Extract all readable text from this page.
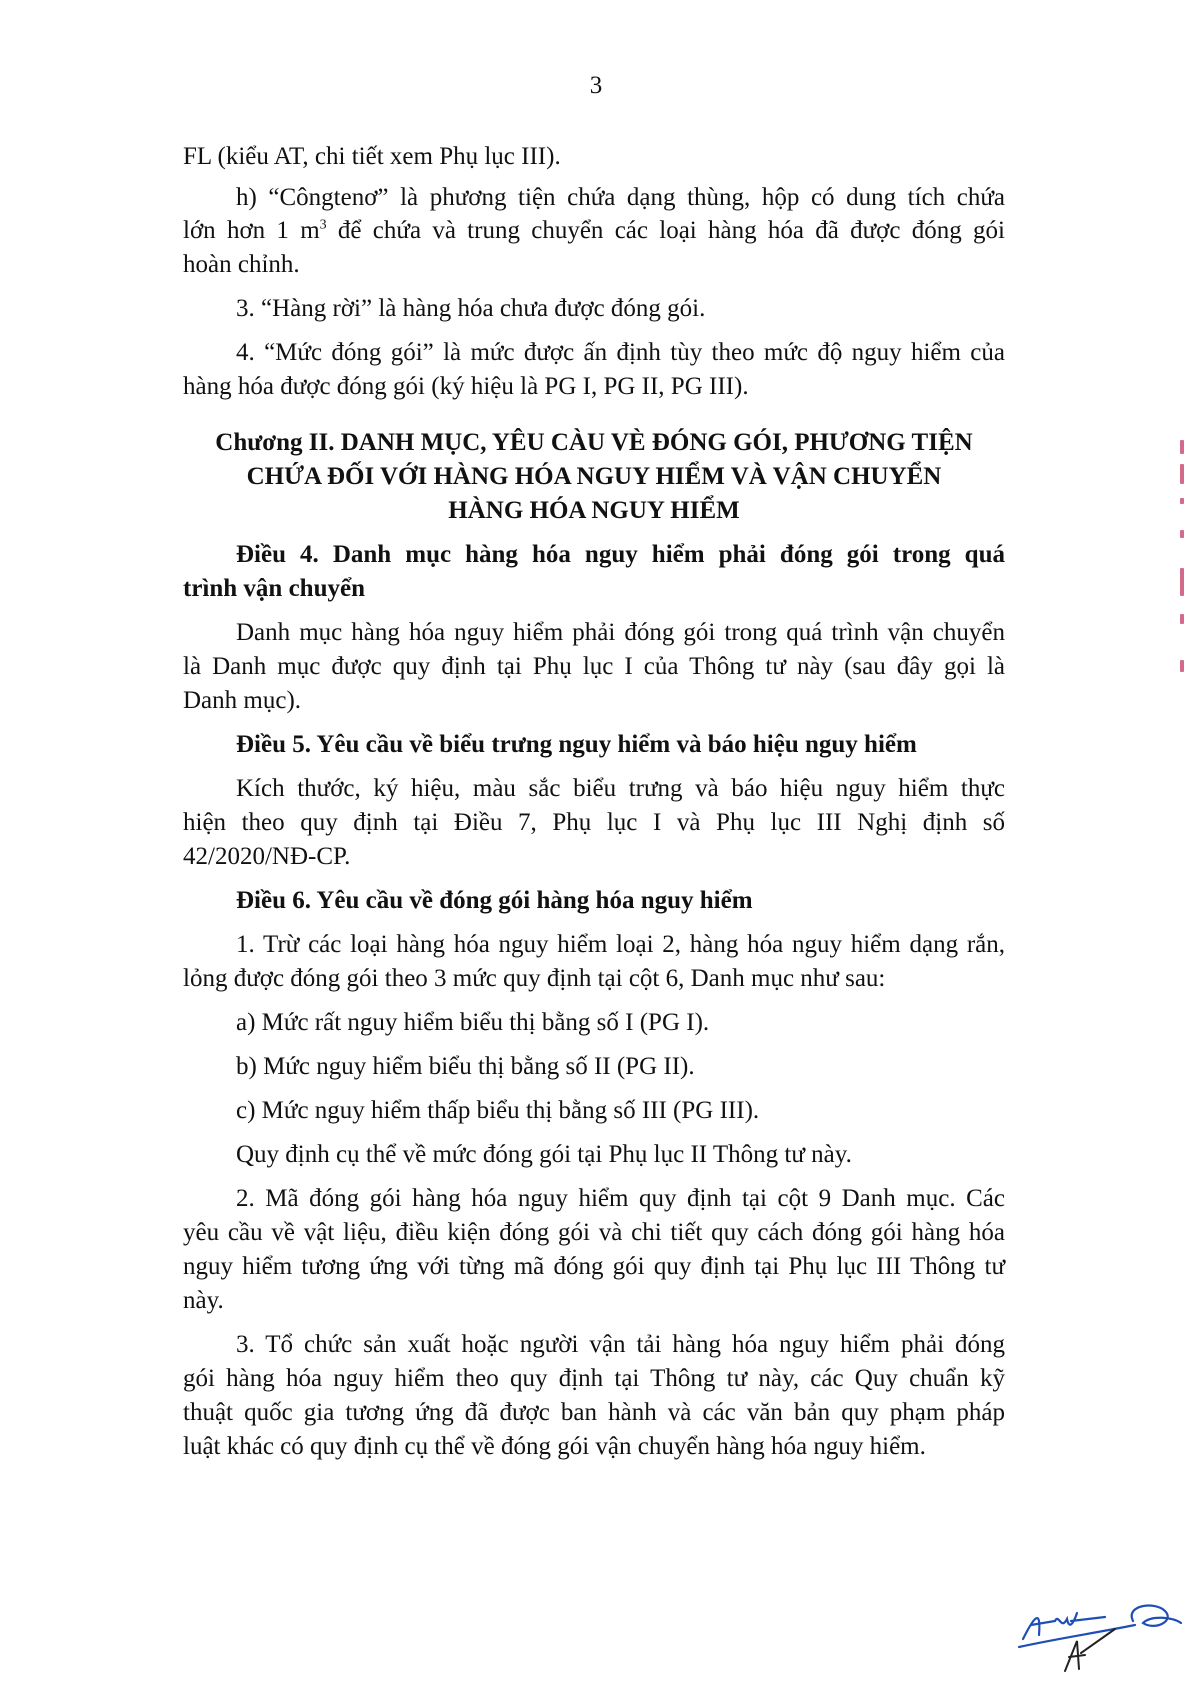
3
FL (kiểu AT, chi tiết xem Phụ lục III).
h) “Côngtenơ” là phương tiện chứa dạng thùng, hộp có dung tích chứa
lớn hơn 1 $m^3$ để chứa và trung chuyển các loại hàng hóa đã được đóng gói
hoàn chỉnh.
3. “Hàng rời” là hàng hóa chưa được đóng gói.
4. “Mức đóng gói” là mức được ấn định tùy theo mức độ nguy hiểm của
hàng hóa được đóng gói (ký hiệu là PG I, PG II, PG III).
Chương II. DANH MỤC, YÊU CÀU VÈ ĐÓNG GÓI, PHƯƠNG TIỆN
CHỨA ĐỐI VỚI HÀNG HÓA NGUY HIỂM VÀ VẬN CHUYỂN
HÀNG HÓA NGUY HIỂM
Điều 4. Danh mục hàng hóa nguy hiểm phải đóng gói trong quá
trình vận chuyển
Danh mục hàng hóa nguy hiểm phải đóng gói trong quá trình vận chuyển
là Danh mục được quy định tại Phụ lục I của Thông tư này (sau đây gọi là
Danh mục).
Điều 5. Yêu cầu về biểu trưng nguy hiểm và báo hiệu nguy hiểm
Kích thước, ký hiệu, màu sắc biểu trưng và báo hiệu nguy hiểm thực
hiện theo quy định tại Điều 7, Phụ lục I và Phụ lục III Nghị định số
42/2020/NĐ-CP.
Điều 6. Yêu cầu về đóng gói hàng hóa nguy hiểm
1. Trừ các loại hàng hóa nguy hiểm loại 2, hàng hóa nguy hiểm dạng rắn,
lỏng được đóng gói theo 3 mức quy định tại cột 6, Danh mục như sau:
a) Mức rất nguy hiểm biểu thị bằng số I (PG I).
b) Mức nguy hiểm biểu thị bằng số II (PG II).
c) Mức nguy hiểm thấp biểu thị bằng số III (PG III).
Quy định cụ thể về mức đóng gói tại Phụ lục II Thông tư này.
2. Mã đóng gói hàng hóa nguy hiểm quy định tại cột 9 Danh mục. Các
yêu cầu về vật liệu, điều kiện đóng gói và chi tiết quy cách đóng gói hàng hóa
nguy hiểm tương ứng với từng mã đóng gói quy định tại Phụ lục III Thông tư
này.
3. Tổ chức sản xuất hoặc người vận tải hàng hóa nguy hiểm phải đóng
gói hàng hóa nguy hiểm theo quy định tại Thông tư này, các Quy chuẩn kỹ
thuật quốc gia tương ứng đã được ban hành và các văn bản quy phạm pháp
luật khác có quy định cụ thể về đóng gói vận chuyển hàng hóa nguy hiểm.
